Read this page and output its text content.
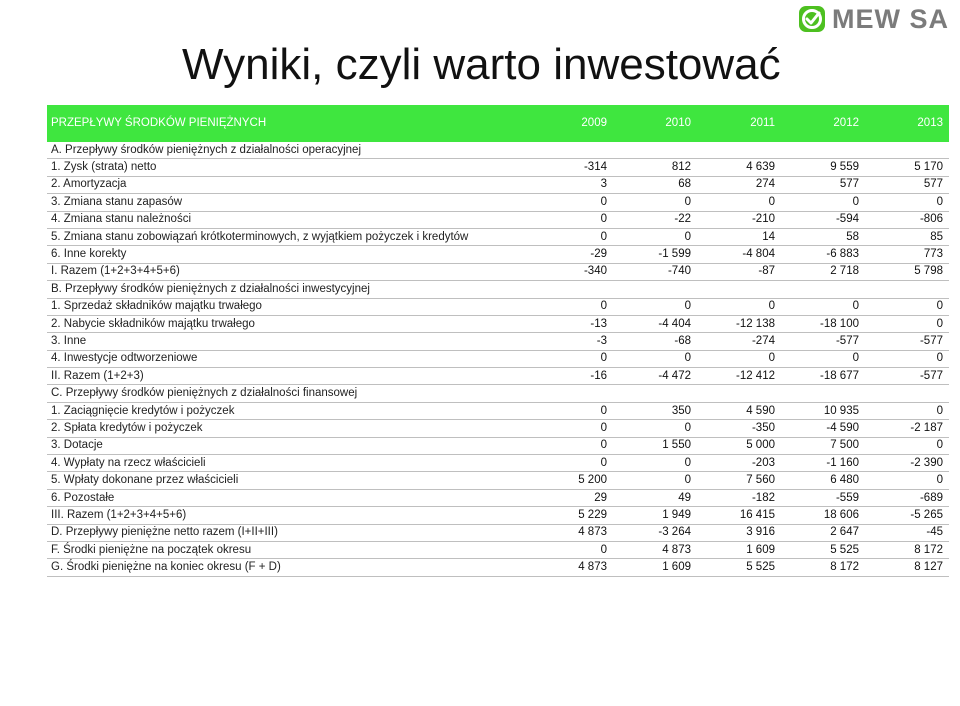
MEW SA
Wyniki, czyli warto inwestować
PRZEPŁYWY ŚRODKÓW PIENIĘŻNYCH	2009	2010	2011	2012	2013
A. Przepływy środków pieniężnych z działalności operacyjnej					
1. Zysk (strata) netto	-314	812	4 639	9 559	5 170
2. Amortyzacja	3	68	274	577	577
3. Zmiana stanu zapasów	0	0	0	0	0
4. Zmiana stanu należności	0	-22	-210	-594	-806
5. Zmiana stanu zobowiązań krótkoterminowych, z wyjątkiem pożyczek i kredytów	0	0	14	58	85
6. Inne korekty	-29	-1 599	-4 804	-6 883	773
I. Razem (1+2+3+4+5+6)	-340	-740	-87	2 718	5 798
B. Przepływy środków pieniężnych z działalności inwestycyjnej					
1. Sprzedaż składników majątku trwałego	0	0	0	0	0
2. Nabycie składników majątku trwałego	-13	-4 404	-12 138	-18 100	0
3. Inne	-3	-68	-274	-577	-577
4. Inwestycje odtworzeniowe	0	0	0	0	0
II. Razem (1+2+3)	-16	-4 472	-12 412	-18 677	-577
C. Przepływy środków pieniężnych z działalności finansowej					
1. Zaciągnięcie kredytów i pożyczek	0	350	4 590	10 935	0
2. Spłata kredytów i pożyczek	0	0	-350	-4 590	-2 187
3. Dotacje	0	1 550	5 000	7 500	0
4. Wypłaty na rzecz właścicieli	0	0	-203	-1 160	-2 390
5. Wpłaty dokonane przez właścicieli	5 200	0	7 560	6 480	0
6. Pozostałe	29	49	-182	-559	-689
III. Razem (1+2+3+4+5+6)	5 229	1 949	16 415	18 606	-5 265
D. Przepływy pieniężne netto razem (I+II+III)	4 873	-3 264	3 916	2 647	-45
F. Środki pieniężne na początek okresu	0	4 873	1 609	5 525	8 172
G. Środki pieniężne na koniec okresu (F + D)	4 873	1 609	5 525	8 172	8 127
